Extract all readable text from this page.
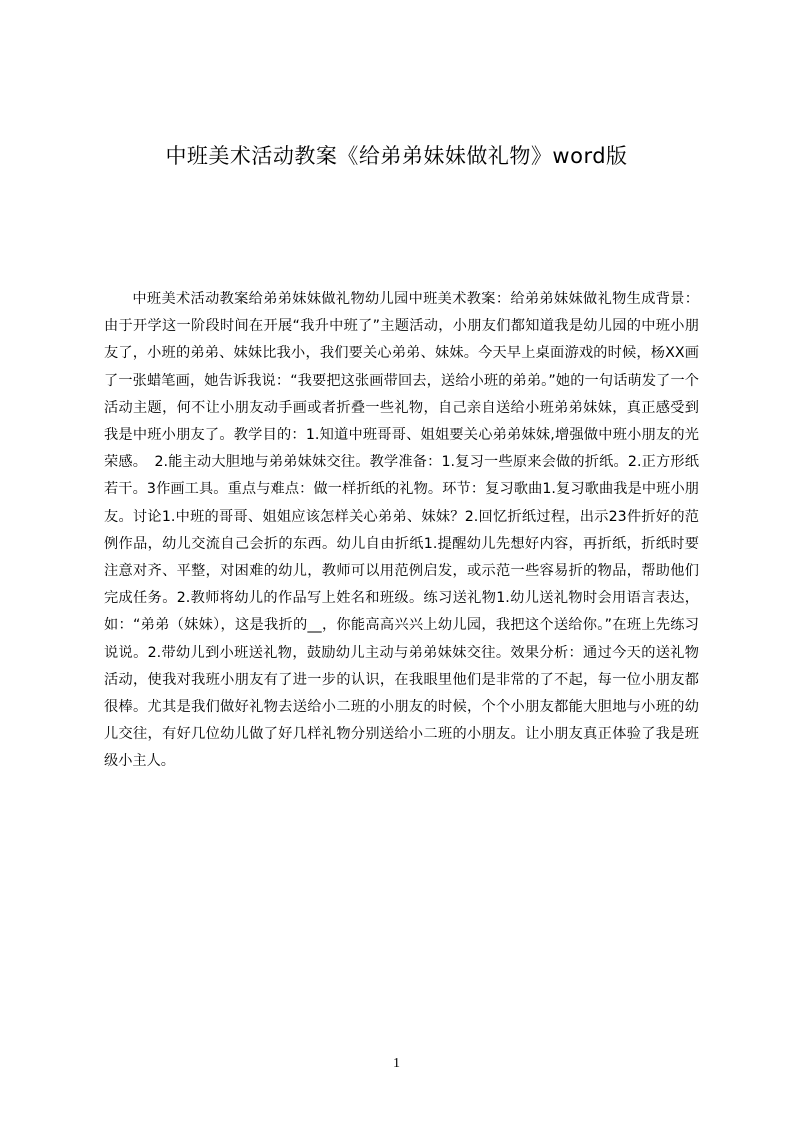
中班美术活动教案《给弟弟妹妹做礼物》word版

中班美术活动教案给弟弟妹妹做礼物幼儿园中班美术教案：给弟弟妹妹做礼物生成背景：由于开学这一阶段时间在开展“我升中班了”主题活动，小朋友们都知道我是幼儿园的中班小朋友了，小班的弟弟、妹妹比我小，我们要关心弟弟、妹妹。今天早上桌面游戏的时候，杨XX画了一张蜡笔画，她告诉我说：“我要把这张画带回去，送给小班的弟弟。”她的一句话萌发了一个活动主题，何不让小朋友动手画或者折叠一些礼物，自己亲自送给小班弟弟妹妹，真正感受到我是中班小朋友了。教学目的：1.知道中班哥哥、姐姐要关心弟弟妹妹,增强做中班小朋友的光荣感。　2.能主动大胆地与弟弟妹妹交往。教学准备：1.复习一些原来会做的折纸。2.正方形纸若干。3作画工具。重点与难点：做一样折纸的礼物。环节：复习歌曲1.复习歌曲我是中班小朋友。讨论1.中班的哥哥、姐姐应该怎样关心弟弟、妹妹？2.回忆折纸过程，出示23件折好的范例作品，幼儿交流自己会折的东西。幼儿自由折纸1.提醒幼儿先想好内容，再折纸，折纸时要注意对齐、平整，对困难的幼儿，教师可以用范例启发，或示范一些容易折的物品，帮助他们完成任务。2.教师将幼儿的作品写上姓名和班级。练习送礼物1.幼儿送礼物时会用语言表达，如：“弟弟（妹妹），这是我折的__，你能高高兴兴上幼儿园，我把这个送给你。”在班上先练习说说。2.带幼儿到小班送礼物，鼓励幼儿主动与弟弟妹妹交往。效果分析：通过今天的送礼物活动，使我对我班小朋友有了进一步的认识，在我眼里他们是非常的了不起，每一位小朋友都很棒。尤其是我们做好礼物去送给小二班的小朋友的时候，个个小朋友都能大胆地与小班的幼儿交往，有好几位幼儿做了好几样礼物分别送给小二班的小朋友。让小朋友真正体验了我是班级小主人。

1
